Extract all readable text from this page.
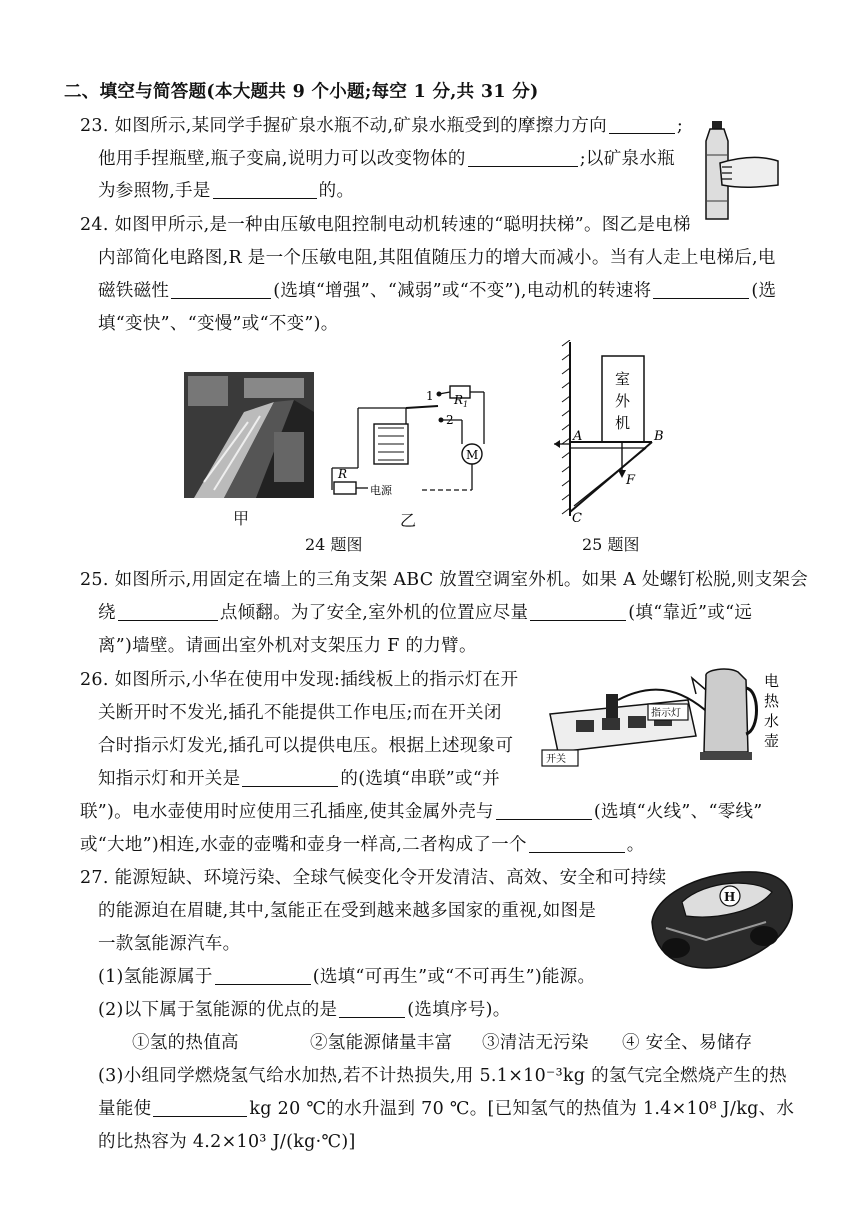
二、填空与简答题(本大题共 9 个小题;每空 1 分,共 31 分)
23. 如图所示,某同学手握矿泉水瓶不动,矿泉水瓶受到的摩擦力方向	;
他用手捏瓶壁,瓶子变扁,说明力可以改变物体的	;以矿泉水瓶
为参照物,手是	的。
24. 如图甲所示,是一种由压敏电阻控制电动机转速的“聪明扶梯”。图乙是电梯
内部简化电路图,R 是一个压敏电阻,其阻值随压力的增大而减小。当有人走上电梯后,电
磁铁磁性	(选填“增强”、“减弱”或“不变”),电动机的转速将	(选
填“变快”、“变慢”或“不变”)。
甲
$R_1$
1
2
M
R
电源
乙
24 题图
室
外
机
A	B
C
F
25 题图
25. 如图所示,用固定在墙上的三角支架 ABC 放置空调室外机。如果 A 处螺钉松脱,则支架会
绕	点倾翻。为了安全,室外机的位置应尽量	(填“靠近”或“远
离”)墙壁。请画出室外机对支架压力 F 的力臂。
26. 如图所示,小华在使用中发现:插线板上的指示灯在开
关断开时不发光,插孔不能提供工作电压;而在开关闭
合时指示灯发光,插孔可以提供电压。根据上述现象可
知指示灯和开关是	的(选填“串联”或“并
联”)。电水壶使用时应使用三孔插座,使其金属外壳与	(选填“火线”、“零线”
或“大地”)相连,水壶的壶嘴和壶身一样高,二者构成了一个	。
指示灯
开关
电
热
水
壶
27. 能源短缺、环境污染、全球气候变化令开发清洁、高效、安全和可持续
的能源迫在眉睫,其中,氢能正在受到越来越多国家的重视,如图是
一款氢能源汽车。
(1)氢能源属于	(选填“可再生”或“不可再生”)能源。
(2)以下属于氢能源的优点的是	(选填序号)。
①氢的热值高	②氢能源储量丰富 ③清洁无污染 ④ 安全、易储存
(3)小组同学燃烧氢气给水加热,若不计热损失,用 5.1×10⁻³kg 的氢气完全燃烧产生的热
量能使	kg 20 ℃的水升温到 70 ℃。[已知氢气的热值为 1.4×10⁸ J/kg、水
的比热容为 4.2×10³ J/(kg·℃)]
H
